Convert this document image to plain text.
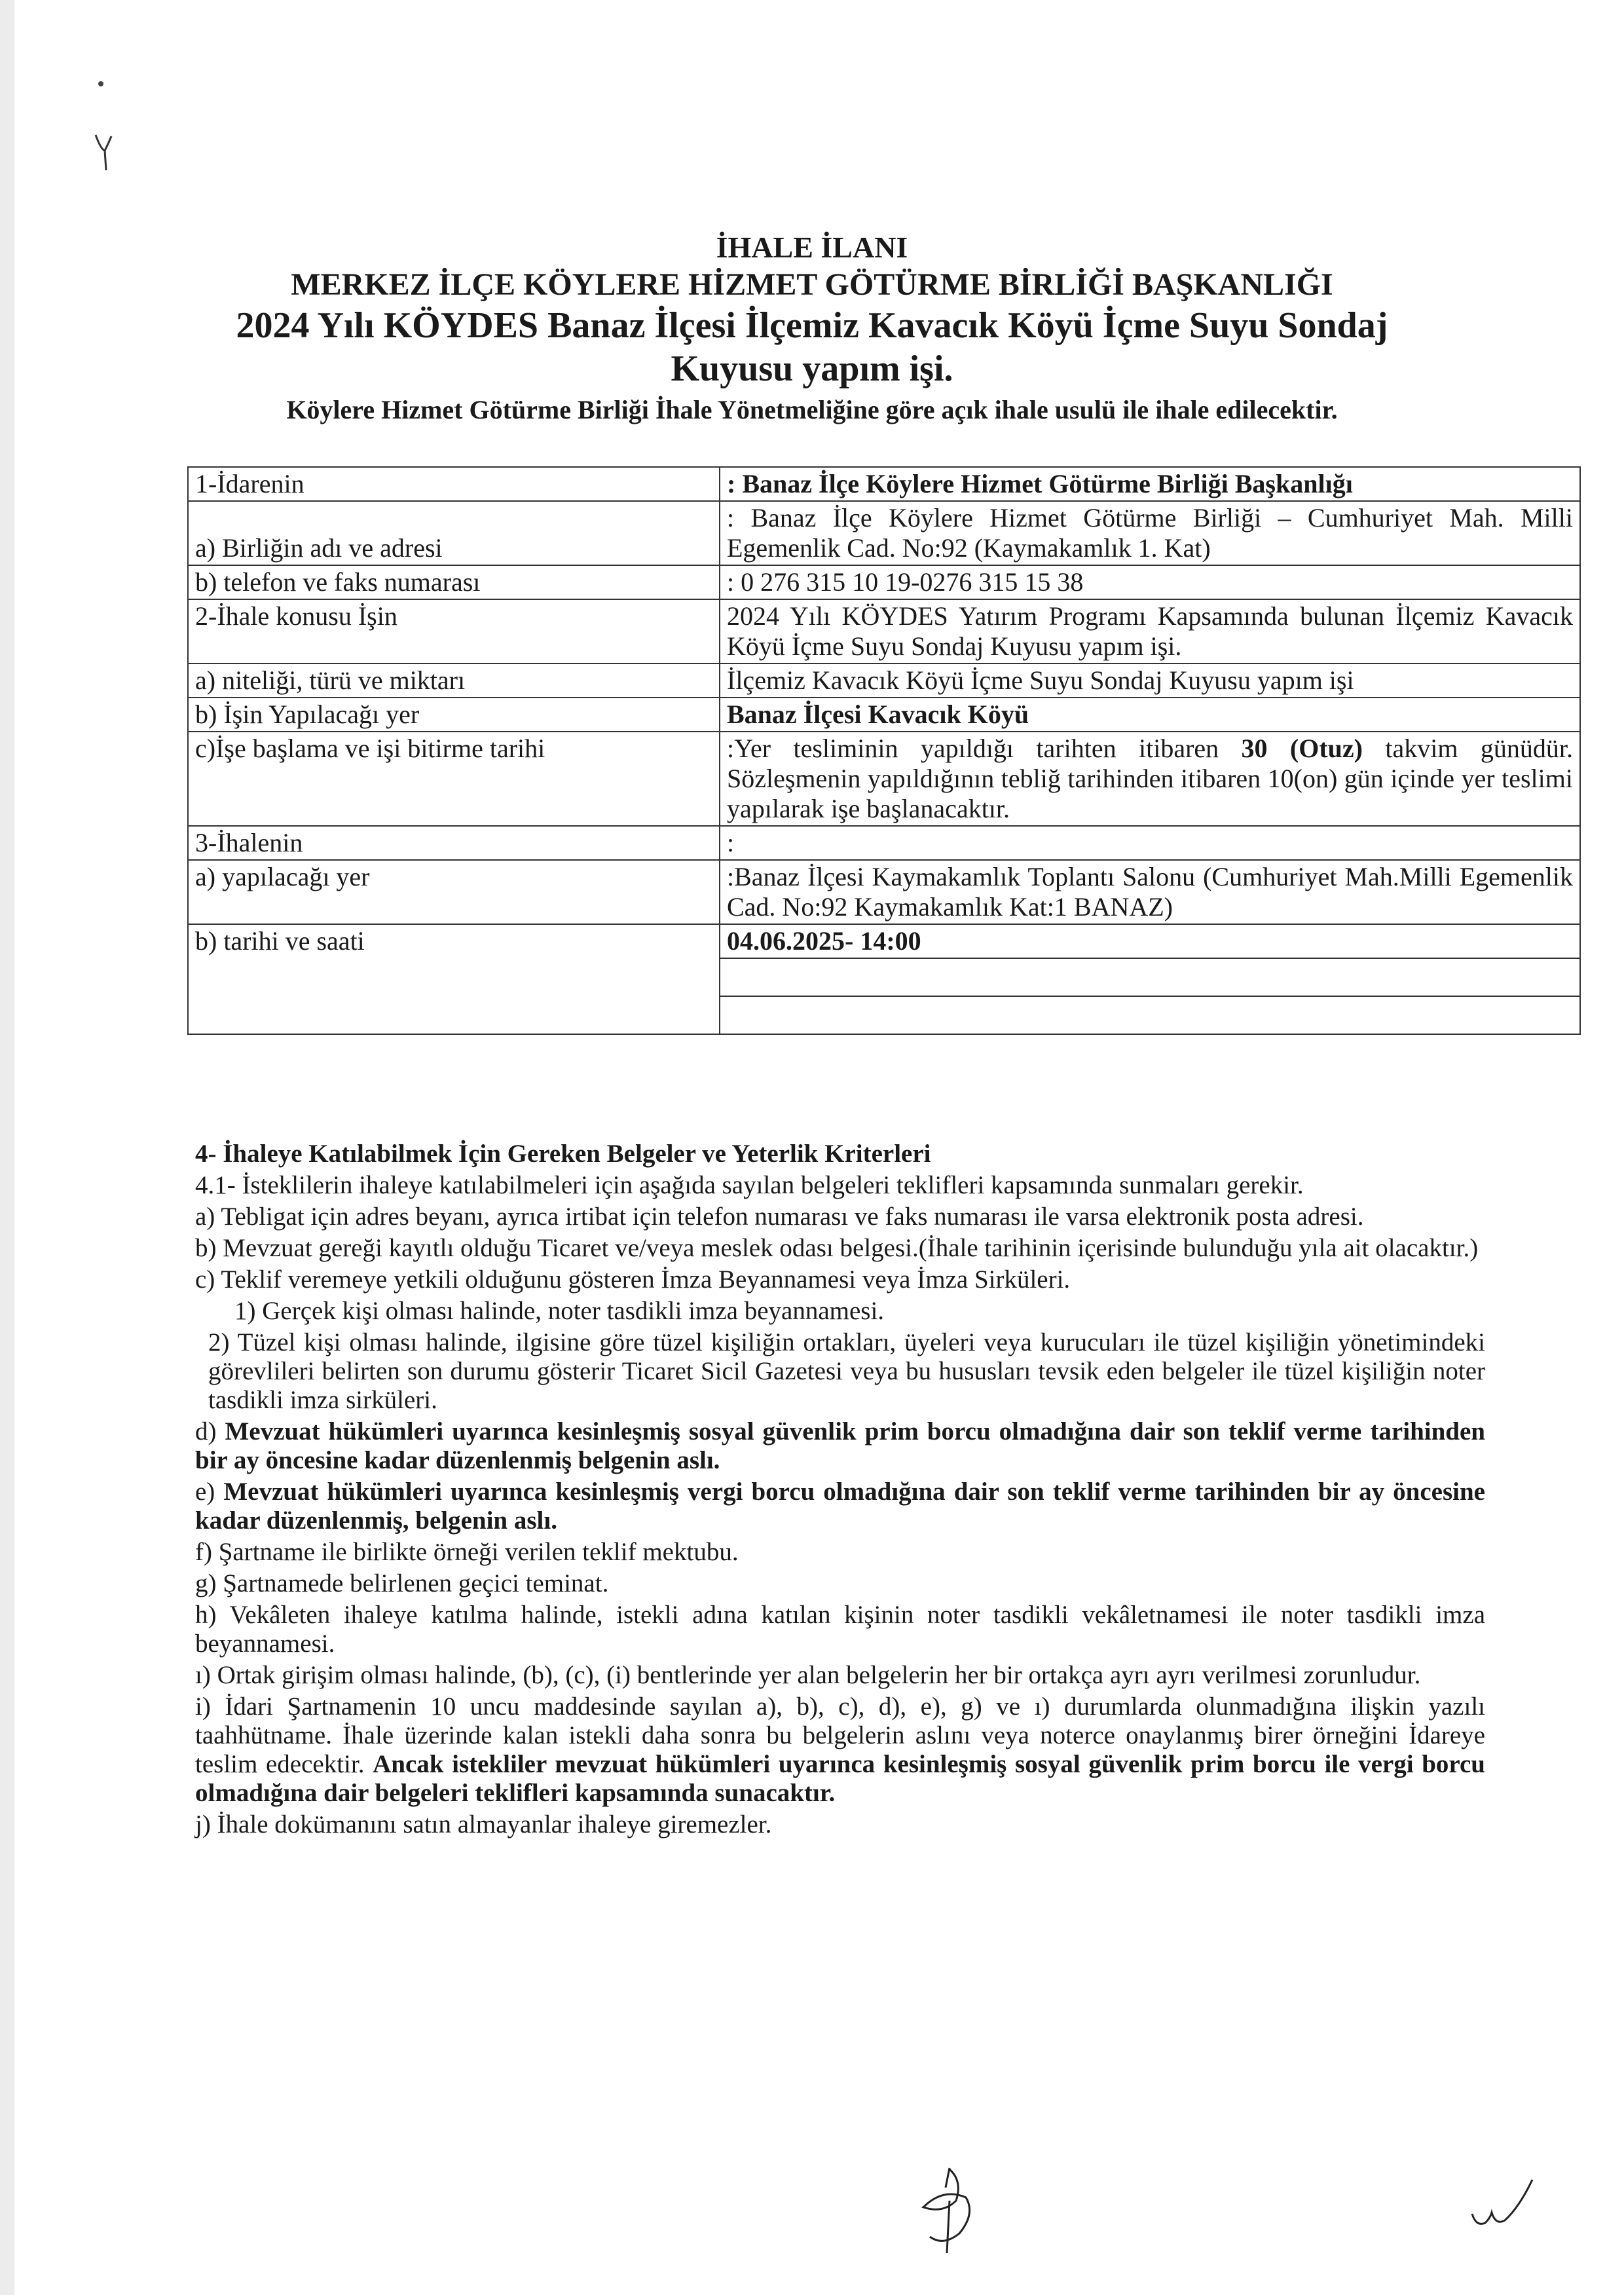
İHALE İLANI
MERKEZ İLÇE KÖYLERE HİZMET GÖTÜRME BİRLİĞİ BAŞKANLIĞI
2024 Yılı KÖYDES Banaz İlçesi İlçemiz Kavacık Köyü İçme Suyu Sondaj
Kuyusu yapım işi.
Köylere Hizmet Götürme Birliği İhale Yönetmeliğine göre açık ihale usulü ile ihale edilecektir.
1-İdarenin	: Banaz İlçe Köylere Hizmet Götürme Birliği Başkanlığı
a) Birliğin adı ve adresi	: Banaz İlçe Köylere Hizmet Götürme Birliği – Cumhuriyet Mah. Milli Egemenlik Cad. No:92 (Kaymakamlık 1. Kat)
b) telefon ve faks numarası	: 0 276 315 10 19-0276 315 15 38
2-İhale konusu İşin	2024 Yılı KÖYDES Yatırım Programı Kapsamında bulunan İlçemiz Kavacık Köyü İçme Suyu Sondaj Kuyusu yapım işi.
a) niteliği, türü ve miktarı	İlçemiz Kavacık Köyü İçme Suyu Sondaj Kuyusu yapım işi
b) İşin Yapılacağı yer	Banaz İlçesi Kavacık Köyü
c)İşe başlama ve işi bitirme tarihi	:Yer tesliminin yapıldığı tarihten itibaren 30 (Otuz) takvim günüdür. Sözleşmenin yapıldığının tebliğ tarihinden itibaren 10(on) gün içinde yer teslimi yapılarak işe başlanacaktır.
3-İhalenin	:
a) yapılacağı yer	:Banaz İlçesi Kaymakamlık Toplantı Salonu (Cumhuriyet Mah.Milli Egemenlik Cad. No:92 Kaymakamlık Kat:1 BANAZ)
b) tarihi ve saati	04.06.2025- 14:00

4- İhaleye Katılabilmek İçin Gereken Belgeler ve Yeterlik Kriterleri

4.1- İsteklilerin ihaleye katılabilmeleri için aşağıda sayılan belgeleri teklifleri kapsamında sunmaları gerekir.

a) Tebligat için adres beyanı, ayrıca irtibat için telefon numarası ve faks numarası ile varsa elektronik posta adresi.

b) Mevzuat gereği kayıtlı olduğu Ticaret ve/veya meslek odası belgesi.(İhale tarihinin içerisinde bulunduğu yıla ait olacaktır.)

c) Teklif veremeye yetkili olduğunu gösteren İmza Beyannamesi veya İmza Sirküleri.

1) Gerçek kişi olması halinde, noter tasdikli imza beyannamesi.

2) Tüzel kişi olması halinde, ilgisine göre tüzel kişiliğin ortakları, üyeleri veya kurucuları ile tüzel kişiliğin yönetimindeki görevlileri belirten son durumu gösterir Ticaret Sicil Gazetesi veya bu hususları tevsik eden belgeler ile tüzel kişiliğin noter tasdikli imza sirküleri.

d) Mevzuat hükümleri uyarınca kesinleşmiş sosyal güvenlik prim borcu olmadığına dair son teklif verme tarihinden bir ay öncesine kadar düzenlenmiş belgenin aslı.

e) Mevzuat hükümleri uyarınca kesinleşmiş vergi borcu olmadığına dair son teklif verme tarihinden bir ay öncesine kadar düzenlenmiş, belgenin aslı.

f) Şartname ile birlikte örneği verilen teklif mektubu.

g) Şartnamede belirlenen geçici teminat.

h) Vekâleten ihaleye katılma halinde, istekli adına katılan kişinin noter tasdikli vekâletnamesi ile noter tasdikli imza beyannamesi.

ı) Ortak girişim olması halinde, (b), (c), (i) bentlerinde yer alan belgelerin her bir ortakça ayrı ayrı verilmesi zorunludur.

i) İdari Şartnamenin 10 uncu maddesinde sayılan a), b), c), d), e), g) ve ı) durumlarda olunmadığına ilişkin yazılı taahhütname. İhale üzerinde kalan istekli daha sonra bu belgelerin aslını veya noterce onaylanmış birer örneğini İdareye teslim edecektir. Ancak istekliler mevzuat hükümleri uyarınca kesinleşmiş sosyal güvenlik prim borcu ile vergi borcu olmadığına dair belgeleri teklifleri kapsamında sunacaktır.

j) İhale dokümanını satın almayanlar ihaleye giremezler.
